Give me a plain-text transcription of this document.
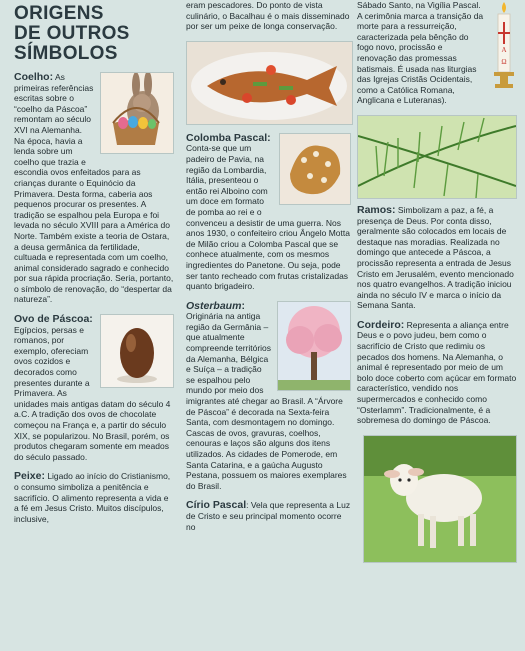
ORIGENS
DE OUTROS
SÍMBOLOS
Coelho: As primeiras referências escritas sobre o “coelho da Páscoa” remontam ao século XVI na Alemanha. Na época, havia a lenda sobre um coelho que trazia e escondia ovos enfeitados para as crianças durante o Equinócio da Primavera. Desta forma, caberia aos pequenos procurar os presentes. A tradição se espalhou pela Europa e foi levada no século XVIII para a América do Norte. Também existe a teoria de Ostara, a deusa germânica da fertilidade, cultuada e representada com um coelho, animal considerado sagrado e conhecido por sua rápida procriação. Seria, portanto, o símbolo de renovação, do “despertar da natureza”.
Ovo de Páscoa:
Egípcios, persas e romanos, por exemplo, ofereciam ovos cozidos e decorados como presentes durante a Primavera. As unidades mais antigas datam do século 4 a.C. A tradição dos ovos de chocolate começou na França e, a partir do século XIX, se popularizou. No Brasil, porém, os produtos chegaram somente em meados do século passado.
Peixe: Ligado ao início do Cristianismo, o consumo simboliza a penitência e sacrifício. O alimento representa a vida e a fé em Jesus Cristo. Muitos discípulos, inclusive,
eram pescadores. Do ponto de vista culinário, o Bacalhau é o mais disseminado por ser um peixe de longa conservação.
Colomba Pascal:
Conta-se que um padeiro de Pavia, na região da Lombardia, Itália, presenteou o então rei Alboino com um doce em formato de pomba ao rei e o convenceu a desistir de uma guerra. Nos anos 1930, o confeiteiro criou Ângelo Motta de Milão criou a Colomba Pascal que se conhece atualmente, com os mesmos ingredientes do Panetone. Ou seja, pode ser tanto recheado com frutas cristalizadas quanto brigadeiro.
Osterbaum:
Originária na antiga região da Germânia – que atualmente compreende territórios da Alemanha, Bélgica e Suíça – a tradição se espalhou pelo mundo por meio dos imigrantes até chegar ao Brasil. A “Árvore de Páscoa” é decorada na Sexta-feira Santa, com desmontagem no domingo. Cascas de ovos, gravuras, coelhos, cenouras e laços são alguns dos itens utilizados. As cidades de Pomerode, em Santa Catarina, e a gaúcha Augusto Pestana, possuem os maiores exemplares do Brasil.
Círio Pascal: Vela que representa a Luz de Cristo e seu principal momento ocorre no
A
Ω
Sábado Santo, na Vigília Pascal. A cerimônia marca a transição da morte para a ressurreição, caracterizada pela bênção do fogo novo, procissão e renovação das promessas batismais. É usada nas liturgias das Igrejas Cristãs Ocidentais, como a Católica Romana, Anglicana e Luteranas).
Ramos: Simbolizam a paz, a fé, a presença de Deus. Por conta disso, geralmente são colocados em locais de destaque nas moradias. Realizada no domingo que antecede a Páscoa, a procissão representa a entrada de Jesus Cristo em Jerusalém, evento mencionado nos quatro evangelhos. A tradição iniciou ainda no século IV e marca o início da Semana Santa.
Cordeiro: Representa a aliança entre Deus e o povo judeu, bem como o sacrifício de Cristo que redimiu os pecados dos homens. Na Alemanha, o animal é representado por meio de um bolo doce coberto com açúcar em formato característico, vendido nos supermercados e conhecido como “Osterlamm”. Tradicionalmente, é a sobremesa do domingo de Páscoa.
